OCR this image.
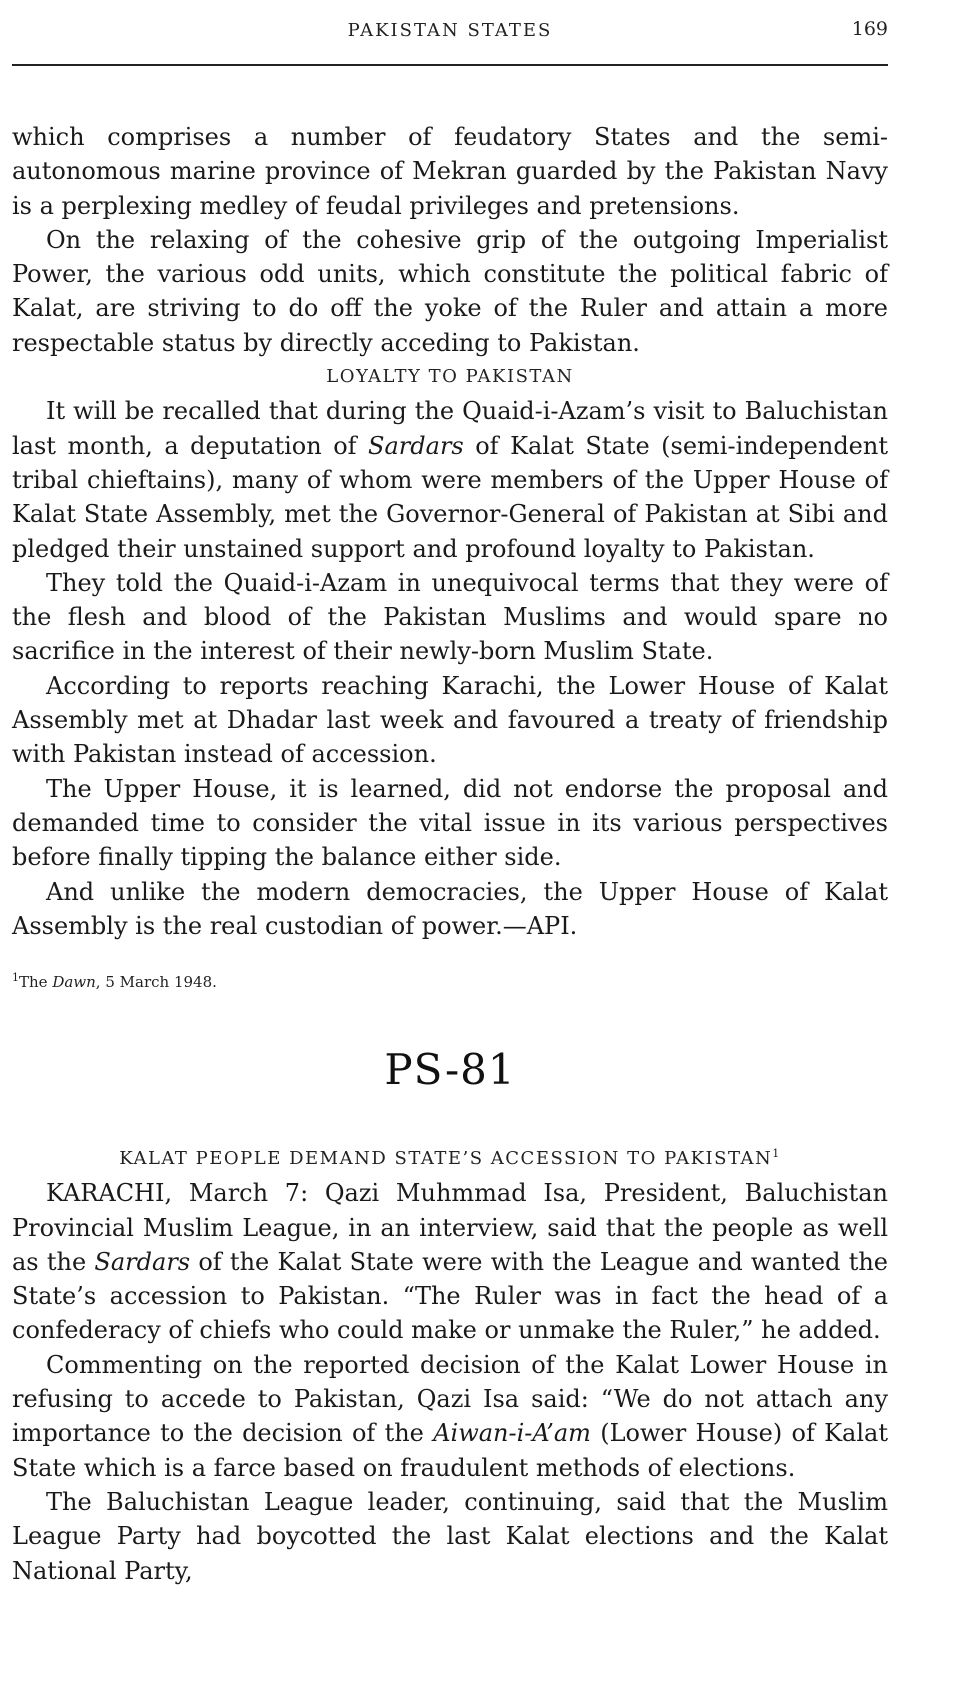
PAKISTAN STATES	169

which comprises a number of feudatory States and the semi-autonomous marine province of Mekran guarded by the Pakistan Navy is a perplexing medley of feudal privileges and pretensions.

On the relaxing of the cohesive grip of the outgoing Imperialist Power, the various odd units, which constitute the political fabric of Kalat, are striving to do off the yoke of the Ruler and attain a more respectable status by directly acceding to Pakistan.

LOYALTY TO PAKISTAN

It will be recalled that during the Quaid-i-Azam’s visit to Baluchistan last month, a deputation of Sardars of Kalat State (semi-independent tribal chieftains), many of whom were members of the Upper House of Kalat State Assembly, met the Governor-General of Pakistan at Sibi and pledged their unstained support and profound loyalty to Pakistan.

They told the Quaid-i-Azam in unequivocal terms that they were of the flesh and blood of the Pakistan Muslims and would spare no sacrifice in the interest of their newly-born Muslim State.

According to reports reaching Karachi, the Lower House of Kalat Assembly met at Dhadar last week and favoured a treaty of friendship with Pakistan instead of accession.

The Upper House, it is learned, did not endorse the proposal and demanded time to consider the vital issue in its various perspectives before finally tipping the balance either side.

And unlike the modern democracies, the Upper House of Kalat Assembly is the real custodian of power.—API.

$^1$The Dawn, 5 March 1948.
PS-81

KALAT PEOPLE DEMAND STATE’S ACCESSION TO PAKISTAN$^1$

KARACHI, March 7: Qazi Muhmmad Isa, President, Baluchistan Provincial Muslim League, in an interview, said that the people as well as the Sardars of the Kalat State were with the League and wanted the State’s accession to Pakistan. “The Ruler was in fact the head of a confederacy of chiefs who could make or unmake the Ruler,” he added.

Commenting on the reported decision of the Kalat Lower House in refusing to accede to Pakistan, Qazi Isa said: “We do not attach any importance to the decision of the Aiwan-i-A’am (Lower House) of Kalat State which is a farce based on fraudulent methods of elections.

The Baluchistan League leader, continuing, said that the Muslim League Party had boycotted the last Kalat elections and the Kalat National Party,
